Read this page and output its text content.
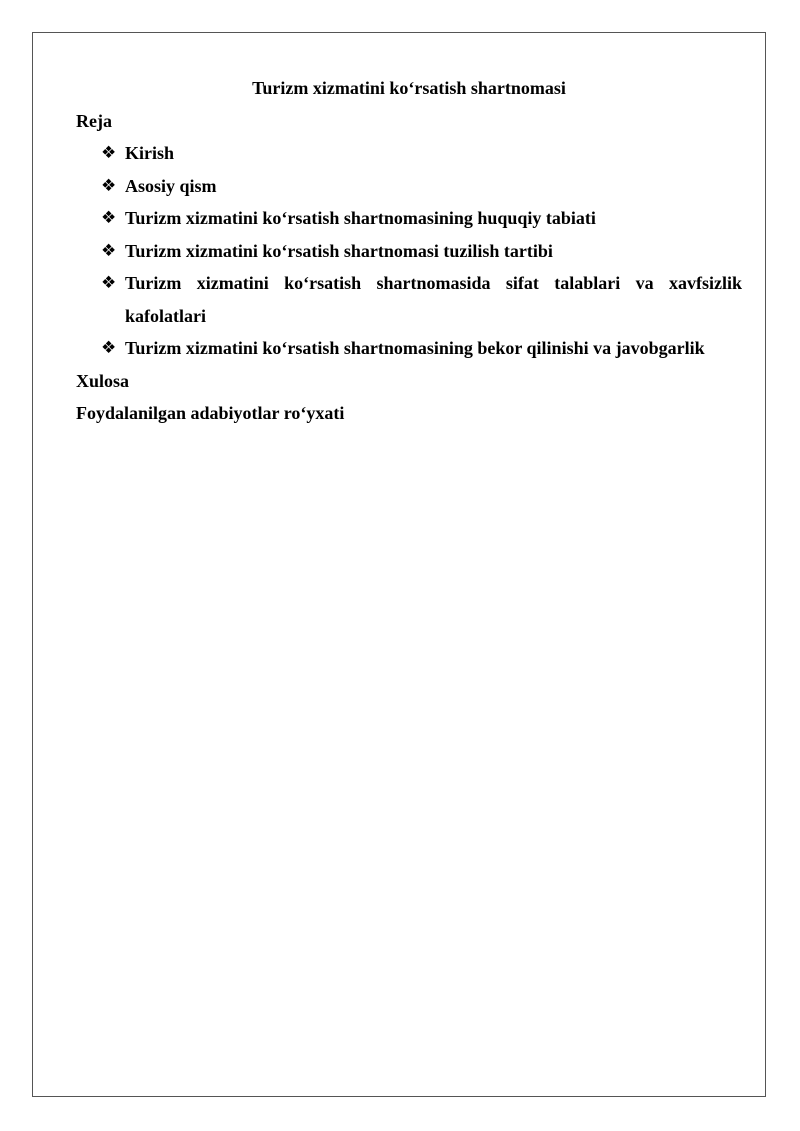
Turizm xizmatini ko‘rsatish shartnomasi

Reja

❖ Kirish
❖ Asosiy qism
❖ Turizm xizmatini ko‘rsatish shartnomasining huquqiy tabiati
❖ Turizm xizmatini ko‘rsatish shartnomasi tuzilish tartibi
❖ Turizm xizmatini ko‘rsatish shartnomasida sifat talablari va xavfsizlik kafolatlari
❖ Turizm xizmatini ko‘rsatish shartnomasining bekor qilinishi va javobgarlik

Xulosa

Foydalanilgan adabiyotlar ro‘yxati
